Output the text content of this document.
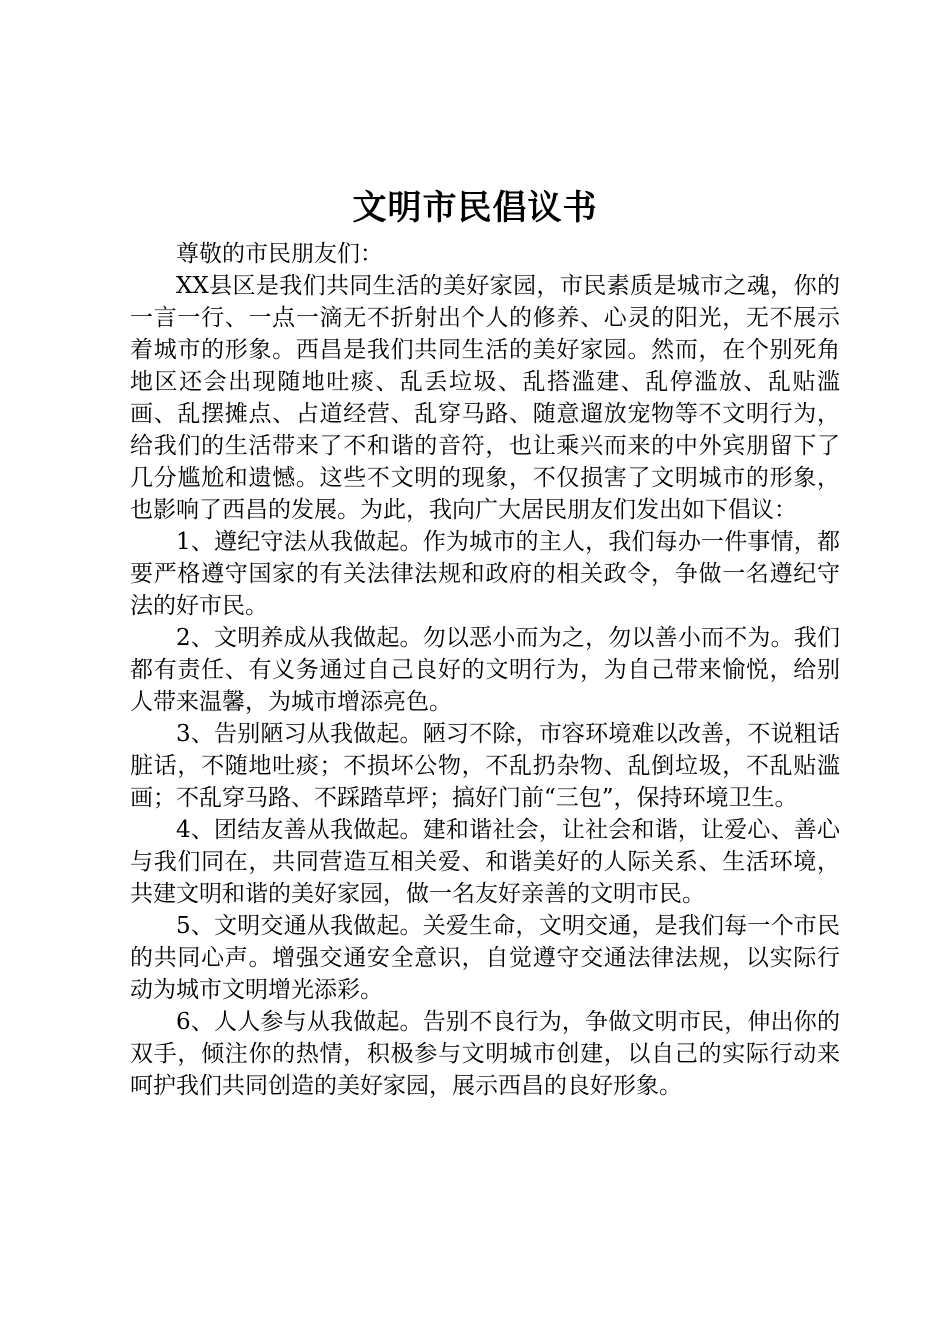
文明市民倡议书

尊敬的市民朋友们：

XX县区是我们共同生活的美好家园，市民素质是城市之魂，你的一言一行、一点一滴无不折射出个人的修养、心灵的阳光，无不展示着城市的形象。西昌是我们共同生活的美好家园。然而，在个别死角地区还会出现随地吐痰、乱丢垃圾、乱搭滥建、乱停滥放、乱贴滥画、乱摆摊点、占道经营、乱穿马路、随意遛放宠物等不文明行为，给我们的生活带来了不和谐的音符，也让乘兴而来的中外宾朋留下了几分尴尬和遗憾。这些不文明的现象，不仅损害了文明城市的形象，也影响了西昌的发展。为此，我向广大居民朋友们发出如下倡议：

1、遵纪守法从我做起。作为城市的主人，我们每办一件事情，都要严格遵守国家的有关法律法规和政府的相关政令，争做一名遵纪守法的好市民。

2、文明养成从我做起。勿以恶小而为之，勿以善小而不为。我们都有责任、有义务通过自己良好的文明行为，为自己带来愉悦，给别人带来温馨，为城市增添亮色。

3、告别陋习从我做起。陋习不除，市容环境难以改善，不说粗话脏话，不随地吐痰；不损坏公物，不乱扔杂物、乱倒垃圾，不乱贴滥画；不乱穿马路、不踩踏草坪；搞好门前“三包”，保持环境卫生。

4、团结友善从我做起。建和谐社会，让社会和谐，让爱心、善心与我们同在，共同营造互相关爱、和谐美好的人际关系、生活环境，共建文明和谐的美好家园，做一名友好亲善的文明市民。

5、文明交通从我做起。关爱生命，文明交通，是我们每一个市民的共同心声。增强交通安全意识，自觉遵守交通法律法规，以实际行动为城市文明增光添彩。

6、人人参与从我做起。告别不良行为，争做文明市民，伸出你的双手，倾注你的热情，积极参与文明城市创建，以自己的实际行动来呵护我们共同创造的美好家园，展示西昌的良好形象。
